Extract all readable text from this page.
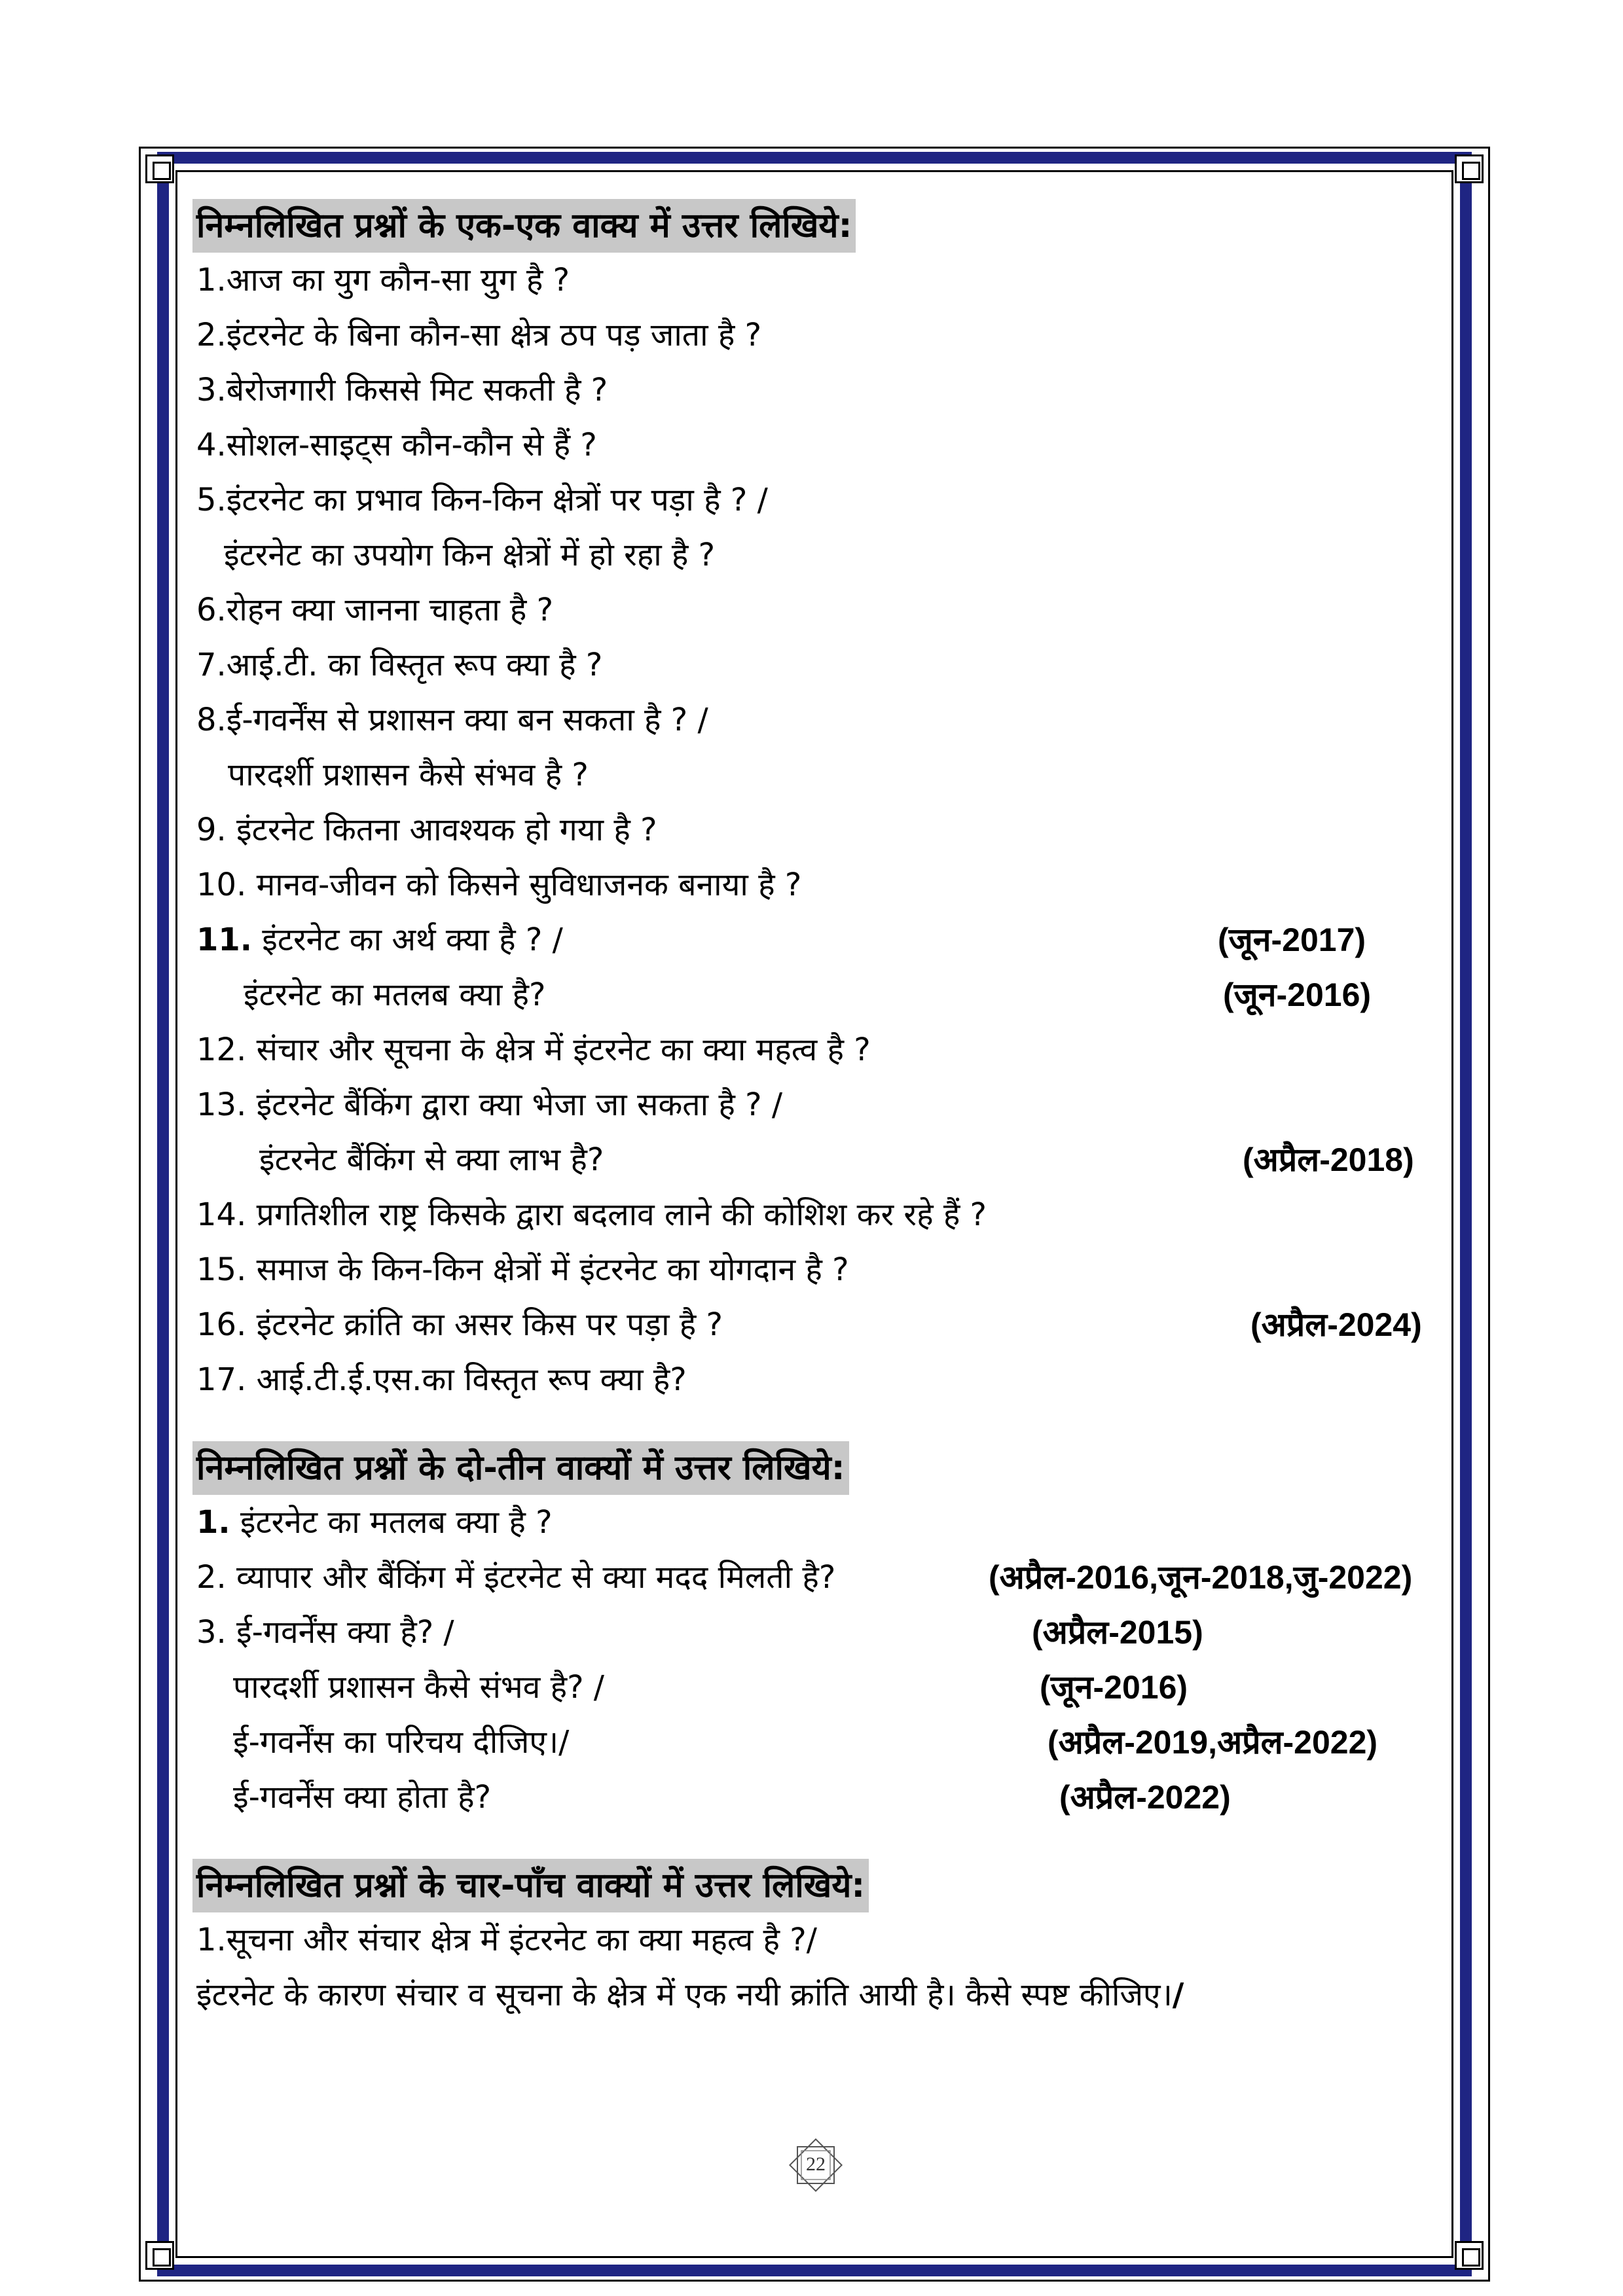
निम्नलिखित प्रश्नों के एक-एक वाक्य में उत्तर लिखिये:
1.आज का युग कौन-सा युग है ?
2.इंटरनेट के बिना कौन-सा क्षेत्र ठप पड़ जाता है ?
3.बेरोजगारी किससे मिट सकती है ?
4.सोशल-साइट्स कौन-कौन से हैं ?
5.इंटरनेट का प्रभाव किन-किन क्षेत्रों पर पड़ा है ? /
इंटरनेट का उपयोग किन क्षेत्रों में हो रहा है ?
6.रोहन क्या जानना चाहता है ?
7.आई.टी. का विस्तृत रूप क्या है ?
8.ई-गवर्नेंस से प्रशासन क्या बन सकता है ? /
पारदर्शी प्रशासन कैसे संभव है ?
9. इंटरनेट कितना आवश्यक हो गया है ?
10. मानव-जीवन को किसने सुविधाजनक बनाया है ?
11. इंटरनेट का अर्थ क्या है ? /	(जून-2017)
इंटरनेट का मतलब क्या है?	(जून-2016)
12. संचार और सूचना के क्षेत्र में इंटरनेट का क्या महत्व है ?
13. इंटरनेट बैंकिंग द्वारा क्या भेजा जा सकता है ? /
इंटरनेट बैंकिंग से क्या लाभ है?	(अप्रैल-2018)
14. प्रगतिशील राष्ट्र किसके द्वारा बदलाव लाने की कोशिश कर रहे हैं ?
15. समाज के किन-किन क्षेत्रों में इंटरनेट का योगदान है ?
16. इंटरनेट क्रांति का असर किस पर पड़ा है ?	(अप्रैल-2024)
17. आई.टी.ई.एस.का विस्तृत रूप क्या है?
निम्नलिखित प्रश्नों के दो-तीन वाक्यों में उत्तर लिखिये:
1. इंटरनेट का मतलब क्या है ?
2. व्यापार और बैंकिंग में इंटरनेट से क्या मदद मिलती है?	(अप्रैल-2016,जून-2018,जु-2022)
3. ई-गवर्नेंस क्या है? /	(अप्रैल-2015)
पारदर्शी प्रशासन कैसे संभव है? /	(जून-2016)
ई-गवर्नेंस का परिचय दीजिए।/	(अप्रैल-2019,अप्रैल-2022)
ई-गवर्नेंस क्या होता है?	(अप्रैल-2022)
निम्नलिखित प्रश्नों के चार-पाँच वाक्यों में उत्तर लिखिये:
1.सूचना और संचार क्षेत्र में इंटरनेट का क्या महत्व है ?/
इंटरनेट के कारण संचार व सूचना के क्षेत्र में एक नयी क्रांति आयी है। कैसे स्पष्ट कीजिए।/
22
